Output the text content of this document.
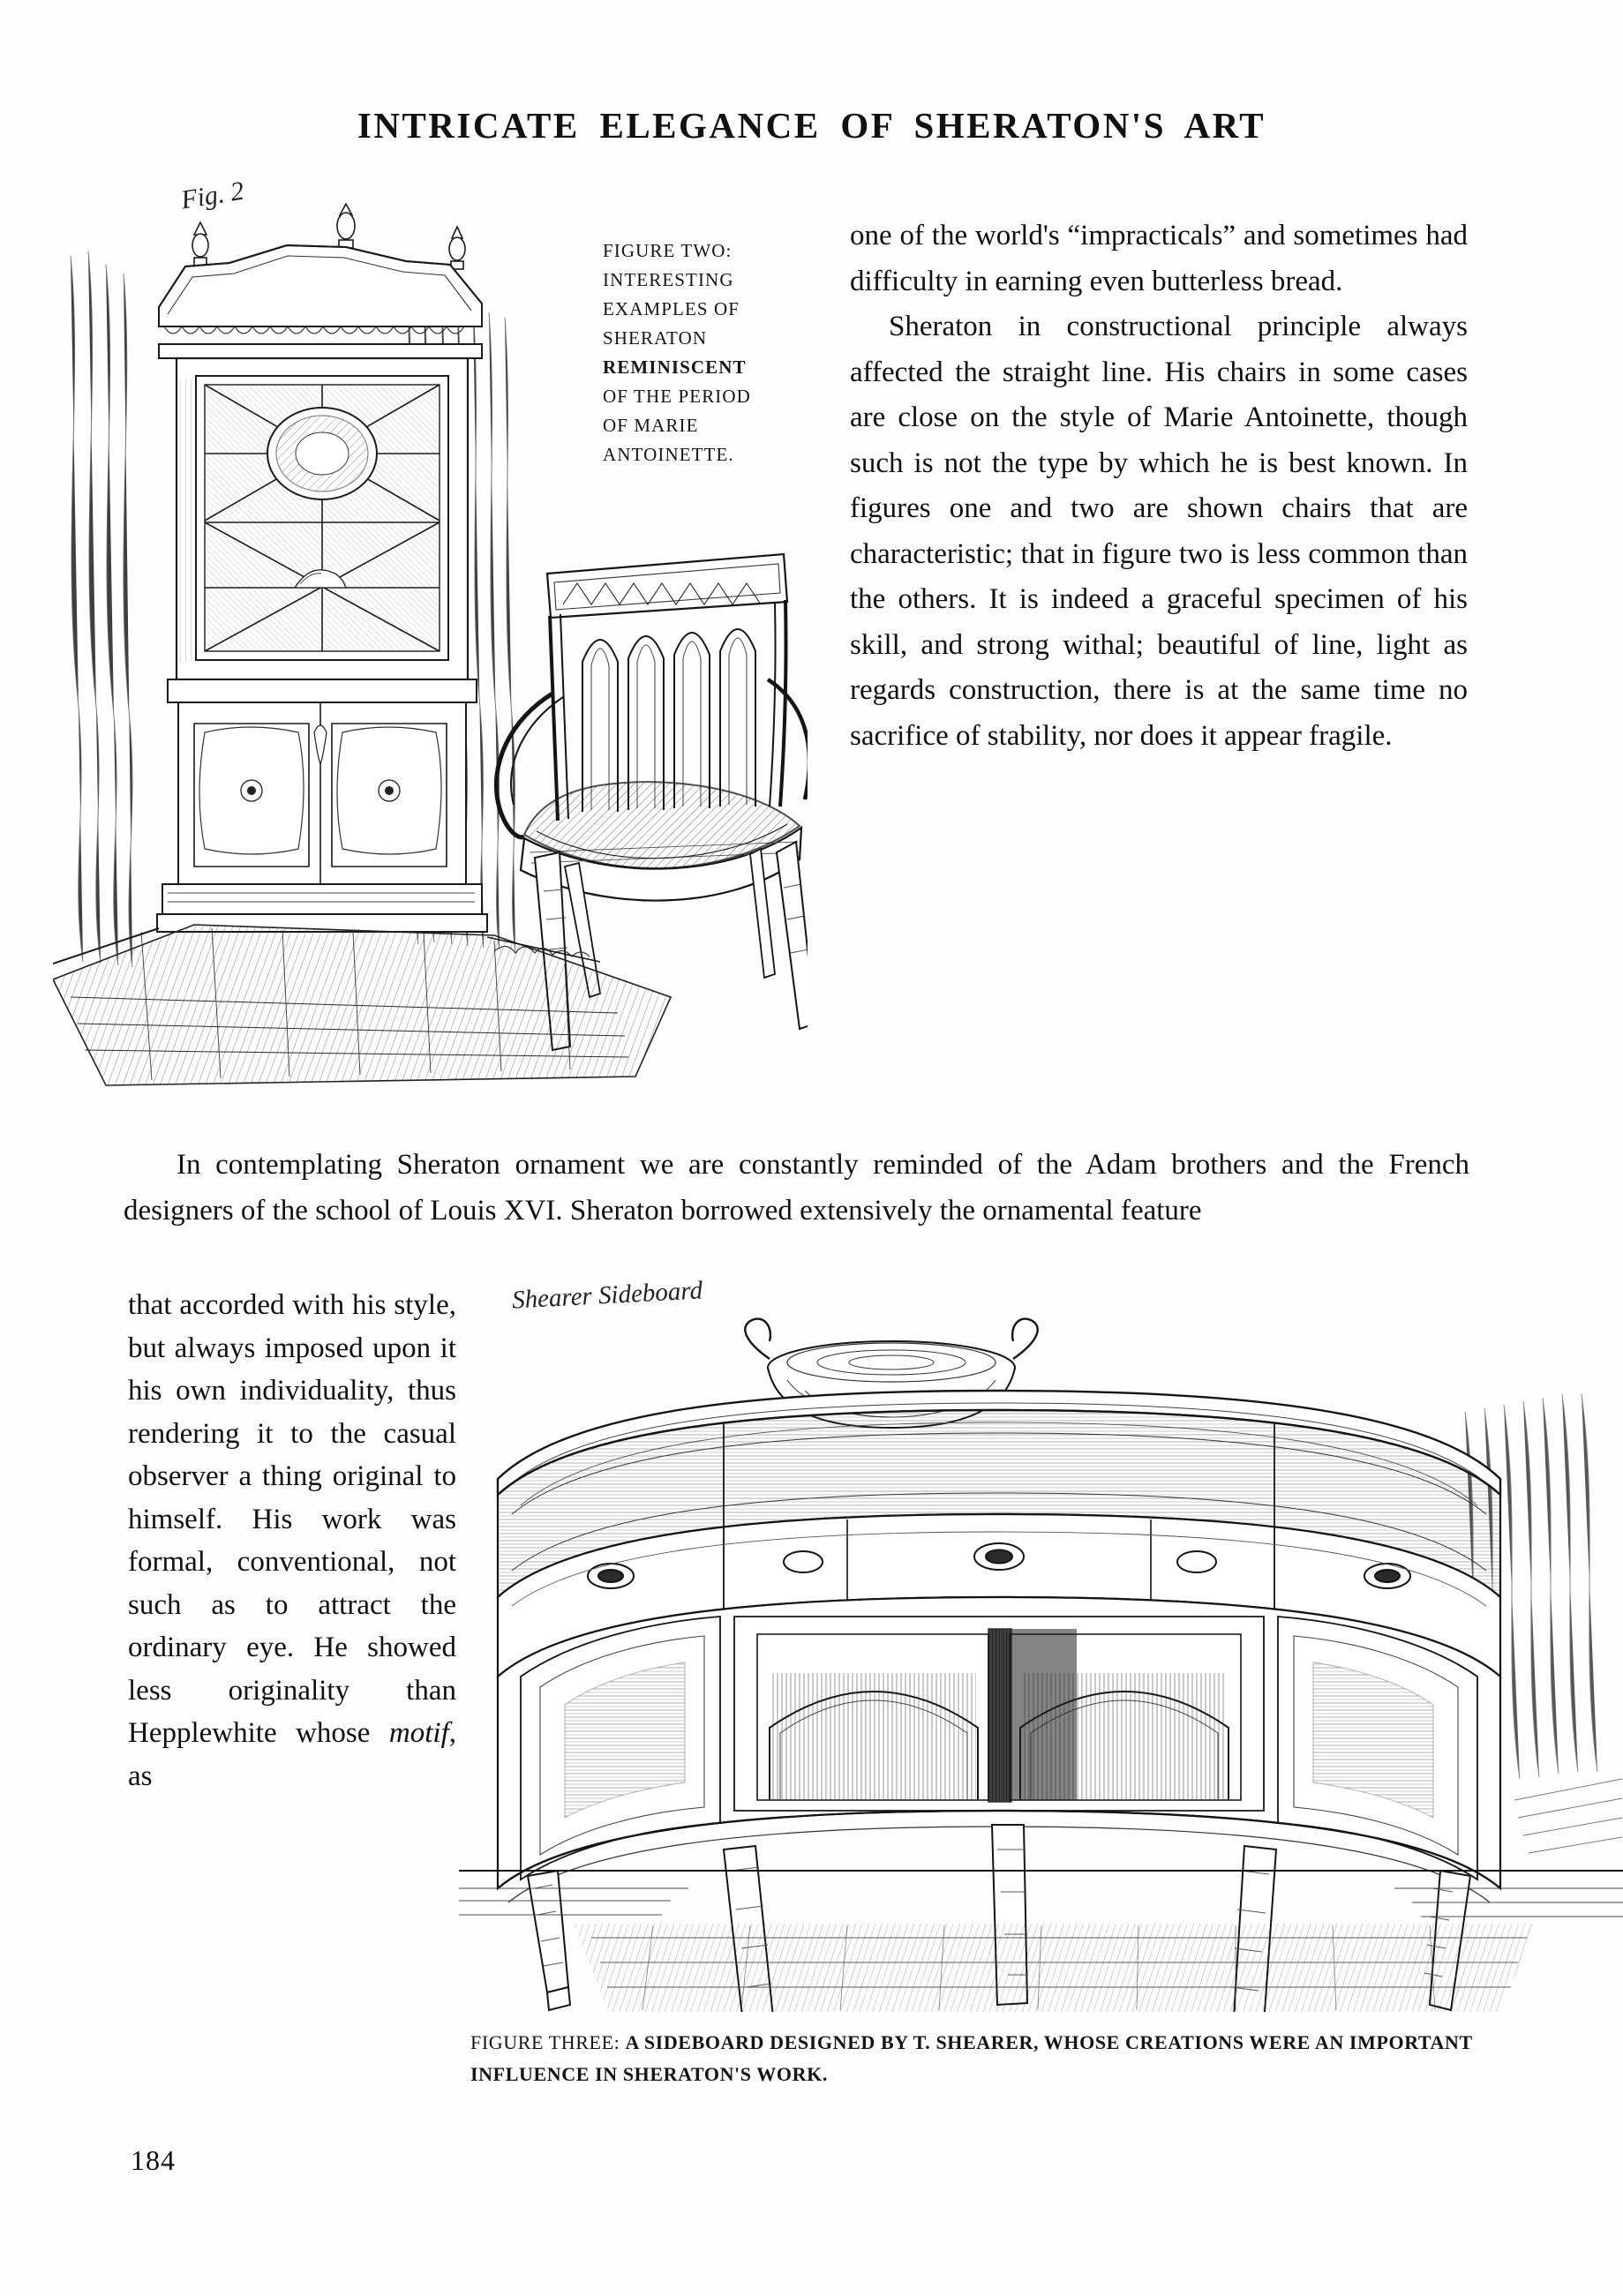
INTRICATE ELEGANCE OF SHERATON'S ART
Fig. 2
FIGURE TWO:
INTERESTING
EXAMPLES OF
SHERATON
REMINISCENT
OF THE PERIOD
OF MARIE
ANTOINETTE.

one of the world's “impracticals” and sometimes had difficulty in earning even butterless bread.

Sheraton in constructional principle always affected the straight line. His chairs in some cases are close on the style of Marie Antoinette, though such is not the type by which he is best known. In figures one and two are shown chairs that are characteristic; that in figure two is less common than the others. It is indeed a graceful specimen of his skill, and strong withal; beautiful of line, light as regards construction, there is at the same time no sacrifice of stability, nor does it appear fragile.

In contemplating Sheraton ornament we are constantly reminded of the Adam brothers and the French designers of the school of Louis XVI. Sheraton borrowed extensively the ornamental feature

that accorded with his style, but always imposed upon it his own individuality, thus rendering it to the casual observer a thing original to himself. His work was formal, conventional, not such as to attract the ordinary eye. He showed less originality than Hepplewhite whose motif, as

Shearer Sideboard
FIGURE THREE: A SIDEBOARD DESIGNED BY T. SHEARER, WHOSE CREATIONS WERE AN IMPORTANT INFLUENCE IN SHERATON'S WORK.
184
